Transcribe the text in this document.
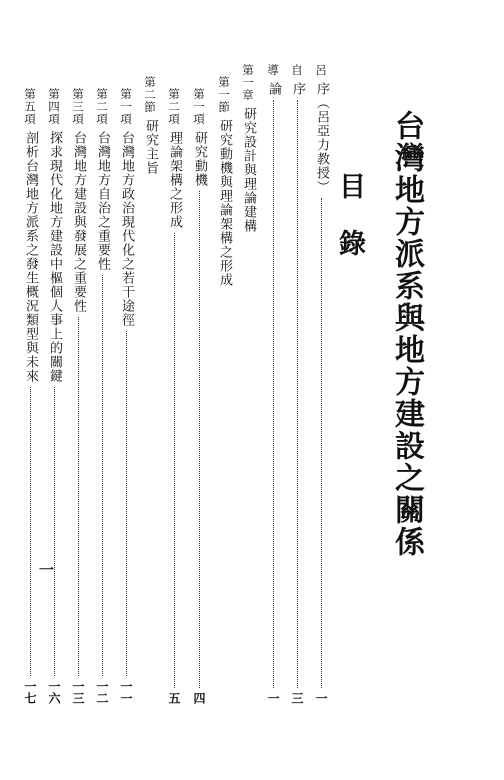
台灣地方派系與地方建設之關係
目錄
呂
序（呂亞力教授）
一
自
序
三
導
論
一
第一章
研究設計與理論建構
第一節
研究動機與理論架構之形成
第一項
研究動機
四
第二項
理論架構之形成
五
第二節
研究主旨
第一項
台灣地方政治現代化之若干途徑
一一
第二項
台灣地方自治之重要性
一二
第三項
台灣地方建設與發展之重要性
一三
第四項
探求現代化地方建設中樞個人事上的關鍵
一六
第五項
剖析台灣地方派系之發生概況類型與未來
一七
一
